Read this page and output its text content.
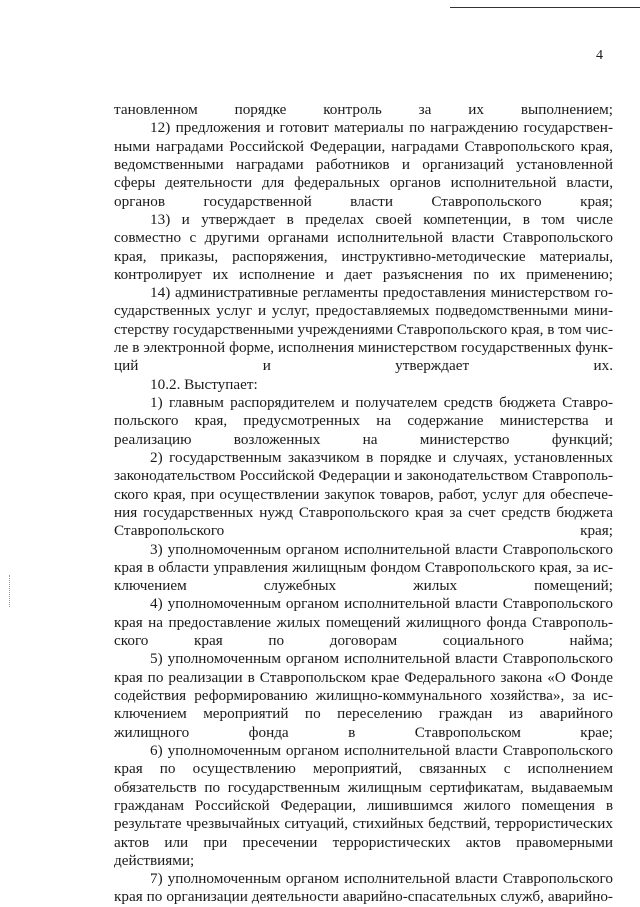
4

тановленном порядке контроль за их выполнением;

12) предложения и готовит материалы по награждению государственными наградами Российской Федерации, наградами Ставропольского края, ведомственными наградами работников и организаций установленной сферы деятельности для федеральных органов исполнительной власти, органов государственной власти Ставропольского края;

13) и утверждает в пределах своей компетенции, в том числе совместно с другими органами исполнительной власти Ставропольского края, приказы, распоряжения, инструктивно-методические материалы, контролирует их исполнение и дает разъяснения по их применению;

14) административные регламенты предоставления министерством государственных услуг и услуг, предоставляемых подведомственными министерству государственными учреждениями Ставропольского края, в том числе в электронной форме, исполнения министерством государственных функций и утверждает их.

10.2. Выступает:

1) главным распорядителем и получателем средств бюджета Ставропольского края, предусмотренных на содержание министерства и реализацию возложенных на министерство функций;

2) государственным заказчиком в порядке и случаях, установленных законодательством Российской Федерации и законодательством Ставропольского края, при осуществлении закупок товаров, работ, услуг для обеспечения государственных нужд Ставропольского края за счет средств бюджета Ставропольского края;

3) уполномоченным органом исполнительной власти Ставропольского края в области управления жилищным фондом Ставропольского края, за исключением служебных жилых помещений;

4) уполномоченным органом исполнительной власти Ставропольского края на предоставление жилых помещений жилищного фонда Ставропольского края по договорам социального найма;

5) уполномоченным органом исполнительной власти Ставропольского края по реализации в Ставропольском крае Федерального закона «О Фонде содействия реформированию жилищно-коммунального хозяйства», за исключением мероприятий по переселению граждан из аварийного жилищного фонда в Ставропольском крае;

6) уполномоченным органом исполнительной власти Ставропольского края по осуществлению мероприятий, связанных с исполнением обязательств по государственным жилищным сертификатам, выдаваемым гражданам Российской Федерации, лишившимся жилого помещения в результате чрезвычайных ситуаций, стихийных бедствий, террористических актов или при пресечении террористических актов правомерными действиями;

7) уполномоченным органом исполнительной власти Ставропольского края по организации деятельности аварийно-спасательных служб, аварийно-
